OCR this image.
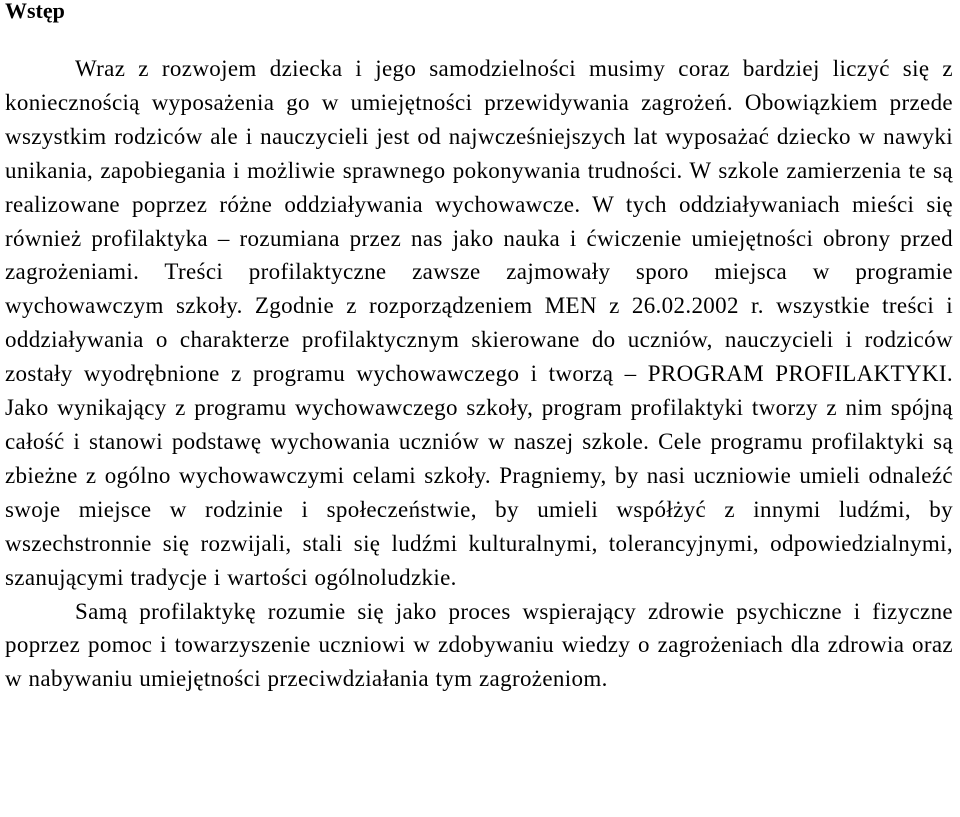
Wstęp

Wraz z rozwojem dziecka i jego samodzielności musimy coraz bardziej liczyć się z koniecznością wyposażenia go w umiejętności przewidywania zagrożeń. Obowiązkiem przede wszystkim rodziców ale i nauczycieli jest od najwcześniejszych lat wyposażać dziecko w nawyki unikania, zapobiegania i możliwie sprawnego pokonywania trudności. W szkole zamierzenia te są realizowane poprzez różne oddziaływania wychowawcze. W tych oddziaływaniach mieści się również profilaktyka – rozumiana przez nas jako nauka i ćwiczenie umiejętności obrony przed zagrożeniami. Treści profilaktyczne zawsze zajmowały sporo miejsca w programie wychowawczym szkoły. Zgodnie z rozporządzeniem MEN z 26.02.2002 r. wszystkie treści i oddziaływania o charakterze profilaktycznym skierowane do uczniów, nauczycieli i rodziców zostały wyodrębnione z programu wychowawczego i tworzą – PROGRAM PROFILAKTYKI. Jako wynikający z programu wychowawczego szkoły, program profilaktyki tworzy z nim spójną całość i stanowi podstawę wychowania uczniów w naszej szkole. Cele programu profilaktyki są zbieżne z ogólno wychowawczymi celami szkoły. Pragniemy, by nasi uczniowie umieli odnaleźć swoje miejsce w rodzinie i społeczeństwie, by umieli współżyć z innymi ludźmi, by wszechstronnie się rozwijali, stali się ludźmi kulturalnymi, tolerancyjnymi, odpowiedzialnymi, szanującymi tradycje i wartości ogólnoludzkie.

Samą profilaktykę rozumie się jako proces wspierający zdrowie psychiczne i fizyczne poprzez pomoc i towarzyszenie uczniowi w zdobywaniu wiedzy o zagrożeniach dla zdrowia oraz w nabywaniu umiejętności przeciwdziałania tym zagrożeniom.
